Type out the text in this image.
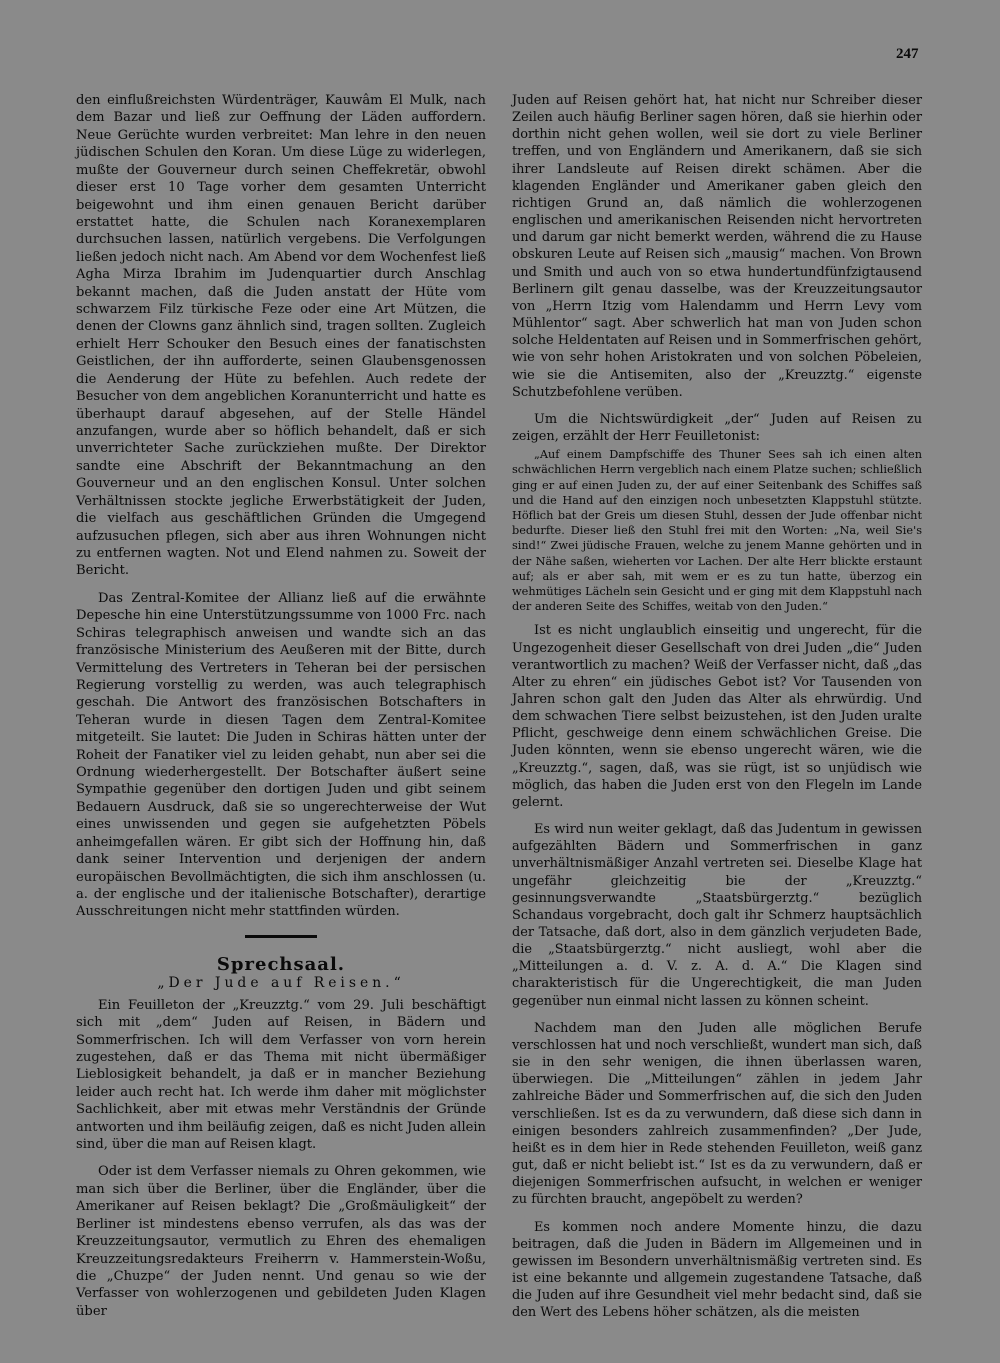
247

den einflußreichsten Würdenträger, Kauwâm El Mulk, nach dem Bazar und ließ zur Oeffnung der Läden auffordern. Neue Gerüchte wurden verbreitet: Man lehre in den neuen jüdischen Schulen den Koran. Um diese Lüge zu widerlegen, mußte der Gouverneur durch seinen Cheffekretär, obwohl dieser erst 10 Tage vorher dem gesamten Unterricht beigewohnt und ihm einen genauen Bericht darüber erstattet hatte, die Schulen nach Koranexemplaren durchsuchen lassen, natürlich vergebens. Die Verfolgungen ließen jedoch nicht nach. Am Abend vor dem Wochenfest ließ Agha Mirza Ibrahim im Judenquartier durch Anschlag bekannt machen, daß die Juden anstatt der Hüte vom schwarzem Filz türkische Feze oder eine Art Mützen, die denen der Clowns ganz ähnlich sind, tragen sollten. Zugleich erhielt Herr Schouker den Besuch eines der fanatischsten Geistlichen, der ihn aufforderte, seinen Glaubensgenossen die Aenderung der Hüte zu befehlen. Auch redete der Besucher von dem angeblichen Koranunterricht und hatte es überhaupt darauf abgesehen, auf der Stelle Händel anzufangen, wurde aber so höflich behandelt, daß er sich unverrichteter Sache zurückziehen mußte. Der Direktor sandte eine Abschrift der Bekanntmachung an den Gouverneur und an den englischen Konsul. Unter solchen Verhältnissen stockte jegliche Erwerbstätigkeit der Juden, die vielfach aus geschäftlichen Gründen die Umgegend aufzusuchen pflegen, sich aber aus ihren Wohnungen nicht zu entfernen wagten. Not und Elend nahmen zu. Soweit der Bericht.

Das Zentral-Komitee der Allianz ließ auf die erwähnte Depesche hin eine Unterstützungssumme von 1000 Frc. nach Schiras telegraphisch anweisen und wandte sich an das französische Ministerium des Aeußeren mit der Bitte, durch Vermittelung des Vertreters in Teheran bei der persischen Regierung vorstellig zu werden, was auch telegraphisch geschah. Die Antwort des französischen Botschafters in Teheran wurde in diesen Tagen dem Zentral-Komitee mitgeteilt. Sie lautet: Die Juden in Schiras hätten unter der Roheit der Fanatiker viel zu leiden gehabt, nun aber sei die Ordnung wiederhergestellt. Der Botschafter äußert seine Sympathie gegenüber den dortigen Juden und gibt seinem Bedauern Ausdruck, daß sie so ungerechterweise der Wut eines unwissenden und gegen sie aufgehetzten Pöbels anheimgefallen wären. Er gibt sich der Hoffnung hin, daß dank seiner Intervention und derjenigen der andern europäischen Bevollmächtigten, die sich ihm anschlossen (u. a. der englische und der italienische Botschafter), derartige Ausschreitungen nicht mehr stattfinden würden.

Sprechsaal.
„Der Jude auf Reisen.“

Ein Feuilleton der „Kreuzztg.“ vom 29. Juli beschäftigt sich mit „dem“ Juden auf Reisen, in Bädern und Sommerfrischen. Ich will dem Verfasser von vorn herein zugestehen, daß er das Thema mit nicht übermäßiger Lieblosigkeit behandelt, ja daß er in mancher Beziehung leider auch recht hat. Ich werde ihm daher mit möglichster Sachlichkeit, aber mit etwas mehr Verständnis der Gründe antworten und ihm beiläufig zeigen, daß es nicht Juden allein sind, über die man auf Reisen klagt.

Oder ist dem Verfasser niemals zu Ohren gekommen, wie man sich über die Berliner, über die Engländer, über die Amerikaner auf Reisen beklagt? Die „Großmäuligkeit“ der Berliner ist mindestens ebenso verrufen, als das was der Kreuzzeitungsautor, vermutlich zu Ehren des ehemaligen Kreuzzeitungsredakteurs Freiherrn v. Hammerstein-Woßu, die „Chuzpe“ der Juden nennt. Und genau so wie der Verfasser von wohlerzogenen und gebildeten Juden Klagen über

Juden auf Reisen gehört hat, hat nicht nur Schreiber dieser Zeilen auch häufig Berliner sagen hören, daß sie hierhin oder dorthin nicht gehen wollen, weil sie dort zu viele Berliner treffen, und von Engländern und Amerikanern, daß sie sich ihrer Landsleute auf Reisen direkt schämen. Aber die klagenden Engländer und Amerikaner gaben gleich den richtigen Grund an, daß nämlich die wohlerzogenen englischen und amerikanischen Reisenden nicht hervortreten und darum gar nicht bemerkt werden, während die zu Hause obskuren Leute auf Reisen sich „mausig“ machen. Von Brown und Smith und auch von so etwa hundertundfünfzigtausend Berlinern gilt genau dasselbe, was der Kreuzzeitungsautor von „Herrn Itzig vom Halendamm und Herrn Levy vom Mühlentor“ sagt. Aber schwerlich hat man von Juden schon solche Heldentaten auf Reisen und in Sommerfrischen gehört, wie von sehr hohen Aristokraten und von solchen Pöbeleien, wie sie die Antisemiten, also der „Kreuzztg.“ eigenste Schutzbefohlene verüben.

Um die Nichtswürdigkeit „der“ Juden auf Reisen zu zeigen, erzählt der Herr Feuilletonist:

„Auf einem Dampfschiffe des Thuner Sees sah ich einen alten schwächlichen Herrn vergeblich nach einem Platze suchen; schließlich ging er auf einen Juden zu, der auf einer Seitenbank des Schiffes saß und die Hand auf den einzigen noch unbesetzten Klappstuhl stützte. Höflich bat der Greis um diesen Stuhl, dessen der Jude offenbar nicht bedurfte. Dieser ließ den Stuhl frei mit den Worten: „Na, weil Sie's sind!“ Zwei jüdische Frauen, welche zu jenem Manne gehörten und in der Nähe saßen, wieherten vor Lachen. Der alte Herr blickte erstaunt auf; als er aber sah, mit wem er es zu tun hatte, überzog ein wehmütiges Lächeln sein Gesicht und er ging mit dem Klappstuhl nach der anderen Seite des Schiffes, weitab von den Juden.“

Ist es nicht unglaublich einseitig und ungerecht, für die Ungezogenheit dieser Gesellschaft von drei Juden „die“ Juden verantwortlich zu machen? Weiß der Verfasser nicht, daß „das Alter zu ehren“ ein jüdisches Gebot ist? Vor Tausenden von Jahren schon galt den Juden das Alter als ehrwürdig. Und dem schwachen Tiere selbst beizustehen, ist den Juden uralte Pflicht, geschweige denn einem schwächlichen Greise. Die Juden könnten, wenn sie ebenso ungerecht wären, wie die „Kreuzztg.“, sagen, daß, was sie rügt, ist so unjüdisch wie möglich, das haben die Juden erst von den Flegeln im Lande gelernt.

Es wird nun weiter geklagt, daß das Judentum in gewissen aufgezählten Bädern und Sommerfrischen in ganz unverhältnismäßiger Anzahl vertreten sei. Dieselbe Klage hat ungefähr gleichzeitig bie der „Kreuzztg.“ gesinnungsverwandte „Staatsbürgerztg.“ bezüglich Schandaus vorgebracht, doch galt ihr Schmerz hauptsächlich der Tatsache, daß dort, also in dem gänzlich verjudeten Bade, die „Staatsbürgerztg.“ nicht ausliegt, wohl aber die „Mitteilungen a. d. V. z. A. d. A.“ Die Klagen sind charakteristisch für die Ungerechtigkeit, die man Juden gegenüber nun einmal nicht lassen zu können scheint.

Nachdem man den Juden alle möglichen Berufe verschlossen hat und noch verschließt, wundert man sich, daß sie in den sehr wenigen, die ihnen überlassen waren, überwiegen. Die „Mitteilungen“ zählen in jedem Jahr zahlreiche Bäder und Sommerfrischen auf, die sich den Juden verschließen. Ist es da zu verwundern, daß diese sich dann in einigen besonders zahlreich zusammenfinden? „Der Jude, heißt es in dem hier in Rede stehenden Feuilleton, weiß ganz gut, daß er nicht beliebt ist.“ Ist es da zu verwundern, daß er diejenigen Sommerfrischen aufsucht, in welchen er weniger zu fürchten braucht, angepöbelt zu werden?

Es kommen noch andere Momente hinzu, die dazu beitragen, daß die Juden in Bädern im Allgemeinen und in gewissen im Besondern unverhältnismäßig vertreten sind. Es ist eine bekannte und allgemein zugestandene Tatsache, daß die Juden auf ihre Gesundheit viel mehr bedacht sind, daß sie den Wert des Lebens höher schätzen, als die meisten
